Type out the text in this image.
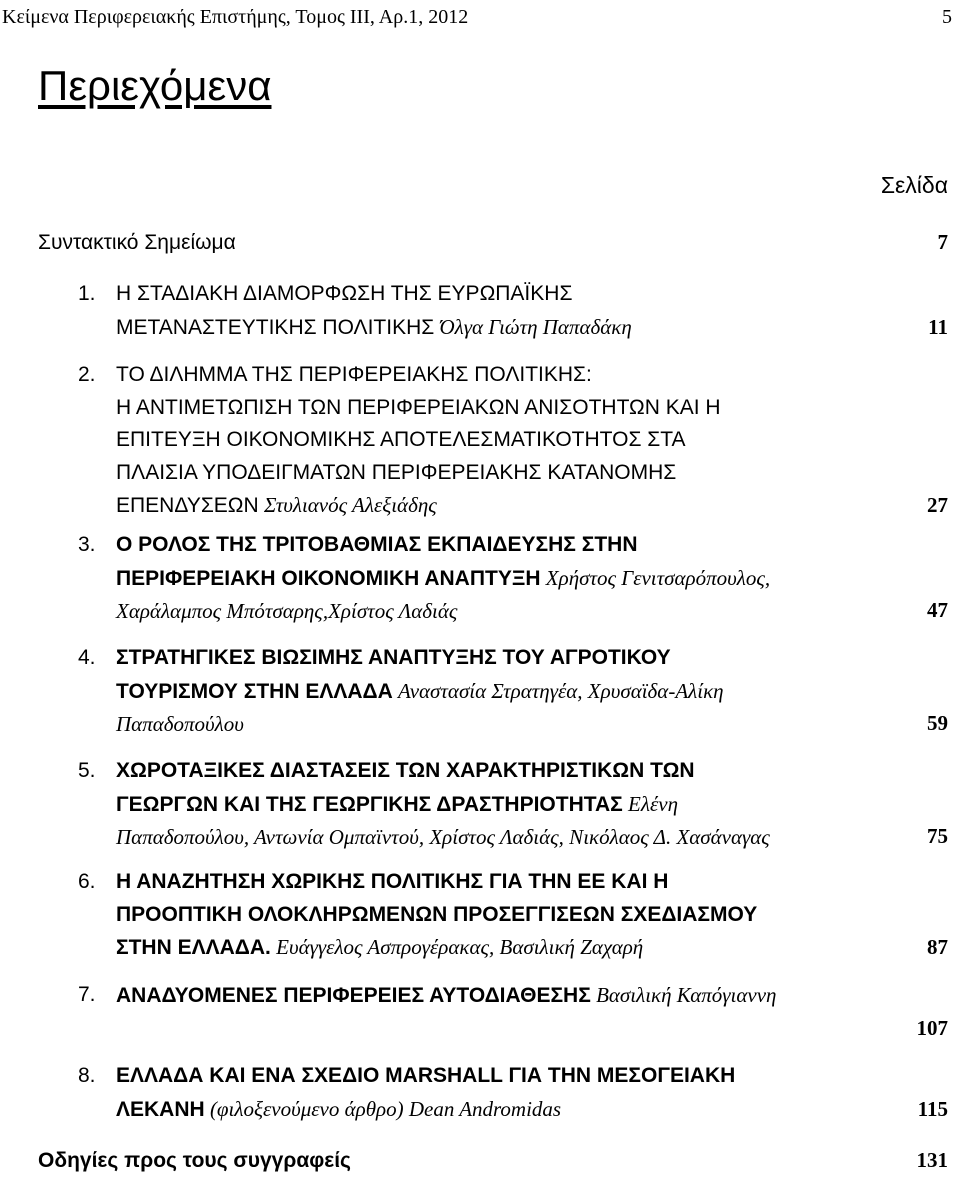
Κείμενα Περιφερειακής Επιστήμης, Τομος ΙΙΙ, Αρ.1, 2012	5
Περιεχόμενα
Σελίδα
Συντακτικό Σημείωμα	7
1. Η ΣΤΑΔΙΑΚΗ ΔΙΑΜΟΡΦΩΣΗ ΤΗΣ ΕΥΡΩΠΑΪΚΗΣ
ΜΕΤΑΝΑΣΤΕΥΤΙΚΗΣ ΠΟΛΙΤΙΚΗΣ Όλγα Γιώτη Παπαδάκη	11
2. ΤΟ ΔΙΛΗΜΜΑ ΤΗΣ ΠΕΡΙΦΕΡΕΙΑΚΗΣ ΠΟΛΙΤΙΚΗΣ:
Η ΑΝΤΙΜΕΤΩΠΙΣΗ ΤΩΝ ΠΕΡΙΦΕΡΕΙΑΚΩΝ ΑΝΙΣΟΤΗΤΩΝ ΚΑΙ Η
ΕΠΙΤΕΥΞΗ ΟΙΚΟΝΟΜΙΚΗΣ ΑΠΟΤΕΛΕΣΜΑΤΙΚΟΤΗΤΟΣ ΣΤΑ
ΠΛΑΙΣΙΑ ΥΠΟΔΕΙΓΜΑΤΩΝ ΠΕΡΙΦΕΡΕΙΑΚΗΣ ΚΑΤΑΝΟΜΗΣ
ΕΠΕΝΔΥΣΕΩΝ Στυλιανός Αλεξιάδης	27
3. Ο ΡΟΛΟΣ ΤΗΣ ΤΡΙΤΟΒΑΘΜΙΑΣ ΕΚΠΑΙΔΕΥΣΗΣ ΣΤΗΝ
ΠΕΡΙΦΕΡΕΙΑΚΗ ΟΙΚΟΝΟΜΙΚΗ ΑΝΑΠΤΥΞΗ Χρήστος Γενιτσαρόπουλος,
Χαράλαμπος Μπότσαρης,Χρίστος Λαδιάς	47
4. ΣΤΡΑΤΗΓΙΚΕΣ ΒΙΩΣΙΜΗΣ ΑΝΑΠΤΥΞΗΣ ΤΟΥ ΑΓΡΟΤΙΚΟΥ
ΤΟΥΡΙΣΜΟΥ ΣΤΗΝ ΕΛΛΑΔΑ Αναστασία Στρατηγέα, Χρυσαϊδα-Αλίκη
Παπαδοπούλου	59
5. ΧΩΡΟΤΑΞΙΚΕΣ ΔΙΑΣΤΑΣΕΙΣ ΤΩΝ ΧΑΡΑΚΤΗΡΙΣΤΙΚΩΝ ΤΩΝ
ΓΕΩΡΓΩΝ ΚΑΙ ΤΗΣ ΓΕΩΡΓΙΚΗΣ ΔΡΑΣΤΗΡΙΟΤΗΤΑΣ Ελένη
Παπαδοπούλου, Αντωνία Ομπαϊντού, Χρίστος Λαδιάς, Νικόλαος Δ. Χασάναγας	75
6. Η ΑΝΑΖΗΤΗΣΗ ΧΩΡΙΚΗΣ ΠΟΛΙΤΙΚΗΣ ΓΙΑ ΤΗΝ ΕΕ ΚΑΙ Η
ΠΡΟΟΠΤΙΚΗ ΟΛΟΚΛΗΡΩΜΕΝΩΝ ΠΡΟΣΕΓΓΙΣΕΩΝ ΣΧΕΔΙΑΣΜΟΥ
ΣΤΗΝ ΕΛΛΑΔΑ. Ευάγγελος Ασπρογέρακας, Βασιλική Ζαχαρή	87
7. ΑΝΑΔΥΟΜΕΝΕΣ ΠΕΡΙΦΕΡΕΙΕΣ ΑΥΤΟΔΙΑΘΕΣΗΣ Βασιλική Καπόγιαννη
107
8. ΕΛΛΑΔΑ ΚΑΙ ΕΝΑ ΣΧΕΔΙΟ MARSHALL ΓΙΑ ΤΗΝ ΜΕΣΟΓΕΙΑΚΗ
ΛΕΚΑΝΗ (φιλοξενούμενο άρθρο) Dean Andromidas	115
Οδηγίες προς τους συγγραφείς	131
